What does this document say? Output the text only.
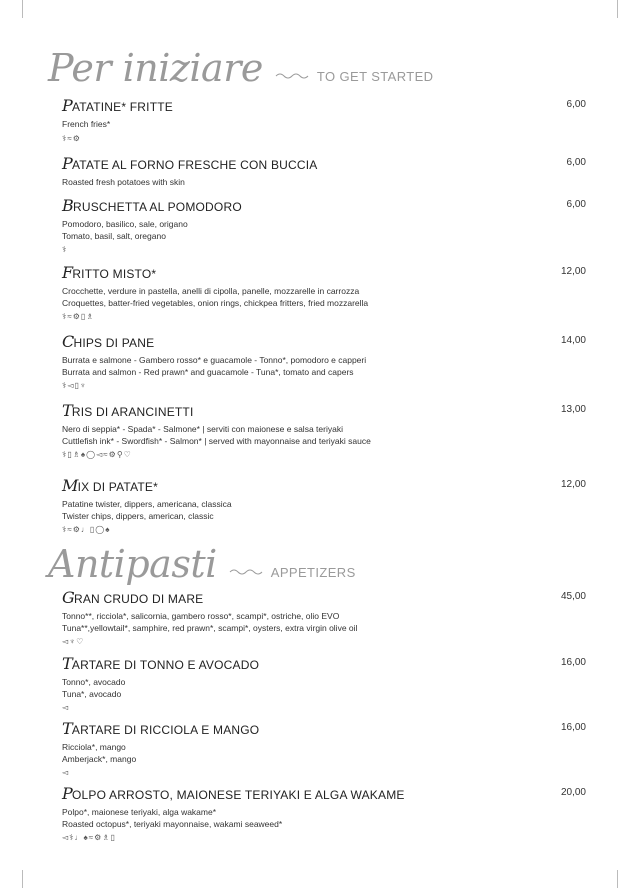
Per iniziare	TO GET STARTED
PATATINE* FRITTE	6,00
French fries*
⚕≈⚙
PATATE AL FORNO FRESCHE CON BUCCIA	6,00
Roasted fresh potatoes with skin
BRUSCHETTA AL POMODORO	6,00
Pomodoro, basilico, sale, origano
Tomato, basil, salt, oregano
⚕
FRITTO MISTO*	12,00
Crocchette, verdure in pastella, anelli di cipolla, panelle, mozzarelle in carrozza
Croquettes, batter-fried vegetables, onion rings, chickpea fritters, fried mozzarella
⚕≈⚙▯♗
CHIPS DI PANE	14,00
Burrata e salmone - Gambero rosso* e guacamole - Tonno*, pomodoro e capperi
Burrata and salmon - Red prawn* and guacamole - Tuna*, tomato and capers
⚕◅▯♆
TRIS DI ARANCINETTI	13,00
Nero di seppia* - Spada* - Salmone* | serviti con maionese e salsa teriyaki
Cuttlefish ink* - Swordfish* - Salmon* | served with mayonnaise and teriyaki sauce
⚕▯♗♠◯◅≈⚙⚲♡
MIX DI PATATE*	12,00
Patatine twister, dippers, americana, classica
Twister chips, dippers, american, classic
⚕≈⚙♩▯◯♠
Antipasti	APPETIZERS
GRAN CRUDO DI MARE	45,00
Tonno**, ricciola*, salicornia, gambero rosso*, scampi*, ostriche, olio EVO
Tuna**,yellowtail*, samphire, red prawn*, scampi*, oysters, extra virgin olive oil
◅♆♡
TARTARE DI TONNO E AVOCADO	16,00
Tonno*, avocado
Tuna*, avocado
◅
TARTARE DI RICCIOLA E MANGO	16,00
Ricciola*, mango
Amberjack*, mango
◅
POLPO ARROSTO, MAIONESE TERIYAKI E ALGA WAKAME	20,00
Polpo*, maionese teriyaki, alga wakame*
Roasted octopus*, teriyaki mayonnaise, wakami seaweed*
◅⚕♩♠≈⚙♗▯
